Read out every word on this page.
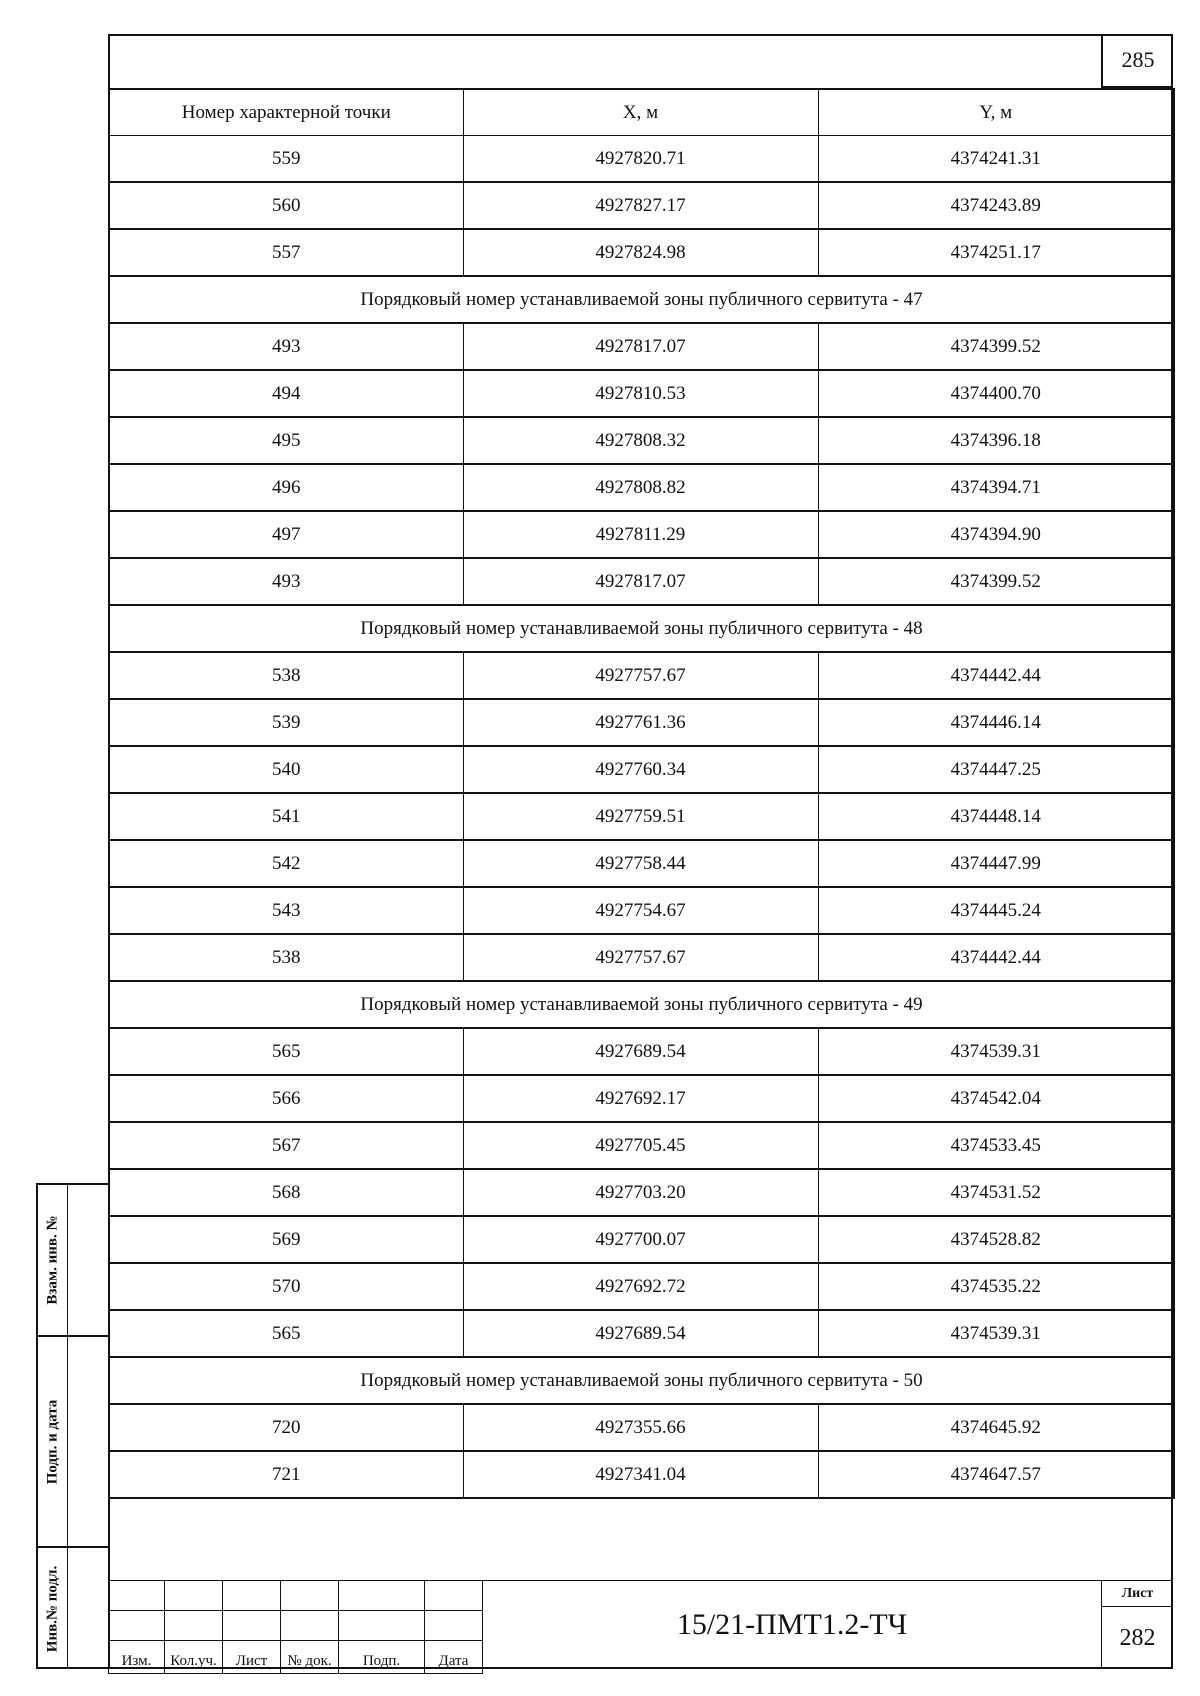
285
Номер характерной точки	X, м	Y, м
559	4927820.71	4374241.31
560	4927827.17	4374243.89
557	4927824.98	4374251.17
Порядковый номер устанавливаемой зоны публичного сервитута - 47		
493	4927817.07	4374399.52
494	4927810.53	4374400.70
495	4927808.32	4374396.18
496	4927808.82	4374394.71
497	4927811.29	4374394.90
493	4927817.07	4374399.52
Порядковый номер устанавливаемой зоны публичного сервитута - 48		
538	4927757.67	4374442.44
539	4927761.36	4374446.14
540	4927760.34	4374447.25
541	4927759.51	4374448.14
542	4927758.44	4374447.99
543	4927754.67	4374445.24
538	4927757.67	4374442.44
Порядковый номер устанавливаемой зоны публичного сервитута - 49		
565	4927689.54	4374539.31
566	4927692.17	4374542.04
567	4927705.45	4374533.45
568	4927703.20	4374531.52
569	4927700.07	4374528.82
570	4927692.72	4374535.22
565	4927689.54	4374539.31
Порядковый номер устанавливаемой зоны публичного сервитута - 50		
720	4927355.66	4374645.92
721	4927341.04	4374647.57
Взам. инв. №
Подп. и дата
Инв.№ подл.

Изм.	Кол.уч.	Лист	№ док.	Подп.	Дата
15/21-ПМТ1.2-ТЧ
Лист
282
